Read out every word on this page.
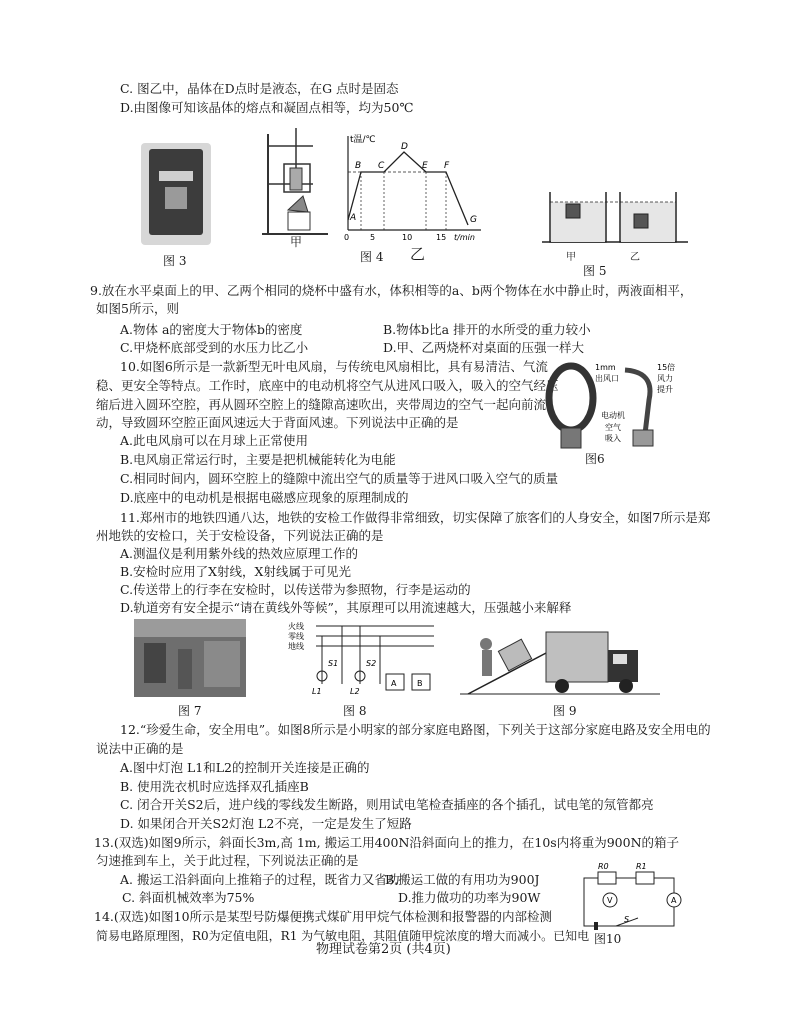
C. 图乙中，晶体在D点时是液态，在G 点时是固态
D.由图像可知该晶体的熔点和凝固点相等，均为50℃
图 3
甲
t温/℃
t/min
A
B C
D
E F
G
0	5	10	15
图 4 乙	甲	乙
图 5
9.放在水平桌面上的甲、乙两个相同的烧杯中盛有水，体积相等的a、b两个物体在水中静止时，两液面相平，
如图5所示，则
A.物体 a的密度大于物体b的密度	B.物体b比a 排开的水所受的重力较小
C.甲烧杯底部受到的水压力比乙小	D.甲、乙两烧杯对桌面的压强一样大
10.如图6所示是一款新型无叶电风扇，与传统电风扇相比，具有易清洁、气流
稳、更安全等特点。工作时，底座中的电动机将空气从进风口吸入，吸入的空气经压
缩后进入圆环空腔，再从圆环空腔上的缝隙高速吹出，夹带周边的空气一起向前流
动，导致圆环空腔正面风速远大于背面风速。下列说法中正确的是
A.此电风扇可以在月球上正常使用
B.电风扇正常运行时，主要是把机械能转化为电能
C.相同时间内，圆环空腔上的缝隙中流出空气的质量等于进风口吸入空气的质量
D.底座中的电动机是根据电磁感应现象的原理制成的
1mm
出风口
15倍
风力
提升
电动机
空气
吸入
图6
11.郑州市的地铁四通八达，地铁的安检工作做得非常细致，切实保障了旅客们的人身安全，如图7所示是郑
州地铁的安检口，关于安检设备，下列说法正确的是
A.测温仪是利用紫外线的热效应原理工作的
B.安检时应用了X射线，X射线属于可见光
C.传送带上的行李在安检时，以传送带为参照物，行李是运动的
D.轨道旁有安全提示“请在黄线外等候”，其原理可以用流速越大，压强越小来解释
图 7
火线
零线
地线
S1
L1
S2
L2
A	B
图 8	图 9
12.“珍爱生命，安全用电”。如图8所示是小明家的部分家庭电路图，下列关于这部分家庭电路及安全用电的
说法中正确的是
A.图中灯泡 L1和L2的控制开关连接是正确的
B. 使用洗衣机时应选择双孔插座B
C. 闭合开关S2后，进户线的零线发生断路，则用试电笔检查插座的各个插孔，试电笔的氖管都亮
D. 如果闭合开关S2灯泡 L2不亮，一定是发生了短路
13.(双选)如图9所示，斜面长3m,高 1m, 搬运工用400N沿斜面向上的推力，在10s内将重为900N的箱子
匀速推到车上，关于此过程，下列说法正确的是
A. 搬运工沿斜面向上推箱子的过程，既省力又省功
B.搬运工做的有用功为900J
C. 斜面机械效率为75%	D.推力做功的功率为90W
14.(双选)如图10所示是某型号防爆便携式煤矿用甲烷气体检测和报警器的内部检测
简易电路原理图，R0为定值电阻，R1 为气敏电阻，其阻值随甲烷浓度的增大而减小。已知电
R0	R1
V	A
S
图10
物理试卷第2页 (共4页)
